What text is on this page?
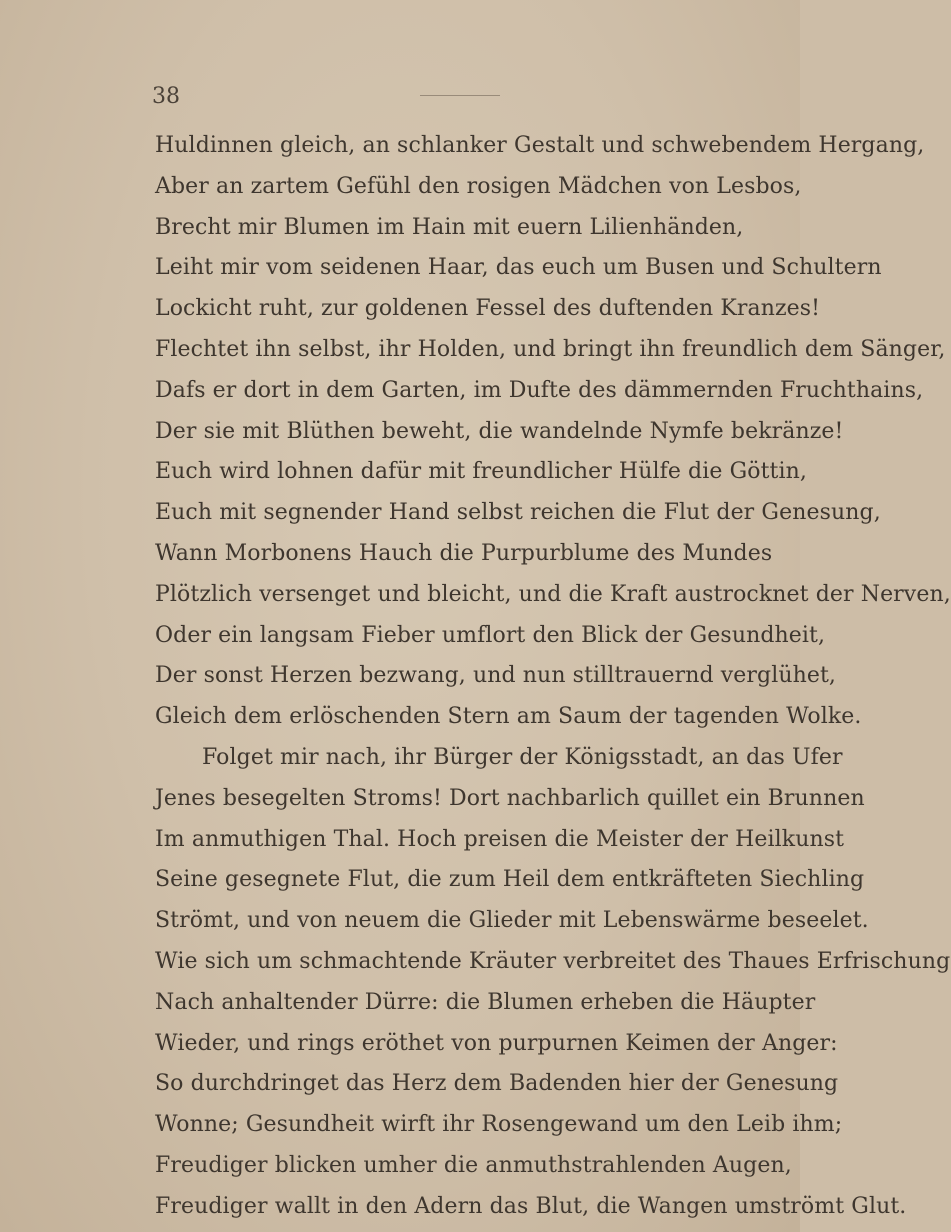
38
Huldinnen gleich, an schlanker Gestalt und schwebendem Hergang,
Aber an zartem Gefühl den rosigen Mädchen von Lesbos,
Brecht mir Blumen im Hain mit euern Lilienhänden,
Leiht mir vom seidenen Haar, das euch um Busen und Schultern
Lockicht ruht, zur goldenen Fessel des duftenden Kranzes!
Flechtet ihn selbst, ihr Holden, und bringt ihn freundlich dem Sänger,
Dafs er dort in dem Garten, im Dufte des dämmernden Fruchthains,
Der sie mit Blüthen beweht, die wandelnde Nymfe bekränze!
Euch wird lohnen dafür mit freundlicher Hülfe die Göttin,
Euch mit segnender Hand selbst reichen die Flut der Genesung,
Wann Morbonens Hauch die Purpurblume des Mundes
Plötzlich versenget und bleicht, und die Kraft austrocknet der Nerven,
Oder ein langsam Fieber umflort den Blick der Gesundheit,
Der sonst Herzen bezwang, und nun stilltrauernd verglühet,
Gleich dem erlöschenden Stern am Saum der tagenden Wolke.
Folget mir nach, ihr Bürger der Königsstadt, an das Ufer
Jenes besegelten Stroms! Dort nachbarlich quillet ein Brunnen
Im anmuthigen Thal. Hoch preisen die Meister der Heilkunst
Seine gesegnete Flut, die zum Heil dem entkräfteten Siechling
Strömt, und von neuem die Glieder mit Lebenswärme beseelet.
Wie sich um schmachtende Kräuter verbreitet des Thaues Erfrischung
Nach anhaltender Dürre: die Blumen erheben die Häupter
Wieder, und rings eröthet von purpurnen Keimen der Anger:
So durchdringet das Herz dem Badenden hier der Genesung
Wonne; Gesundheit wirft ihr Rosengewand um den Leib ihm;
Freudiger blicken umher die anmuthstrahlenden Augen,
Freudiger wallt in den Adern das Blut, die Wangen umströmt Glut.
